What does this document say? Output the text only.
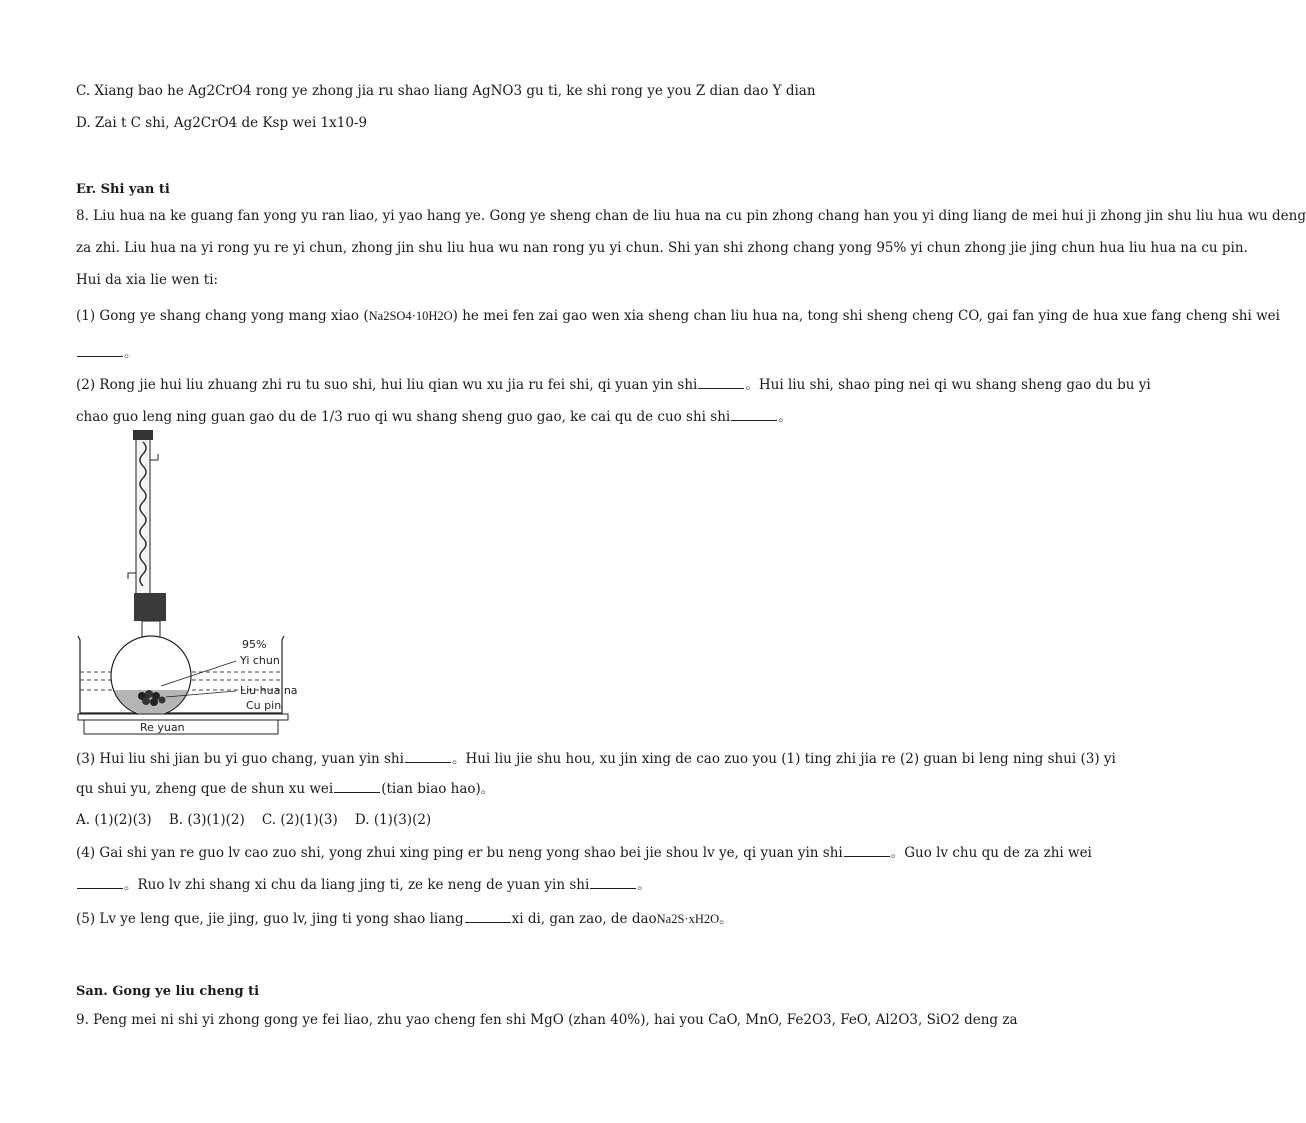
C. Xiang bao he Ag2CrO4 rong ye zhong jia ru shao liang AgNO3 gu ti, ke shi rong ye you Z dian dao Y dian
D. Zai t C shi, Ag2CrO4 de Ksp wei 1x10-9
Er. Shi yan ti
8. Liu hua na ke guang fan yong yu ran liao, yi yao hang ye. Gong ye sheng chan de liu hua na cu pin zhong chang han you yi ding liang de mei hui ji zhong jin shu liu hua wu deng
za zhi. Liu hua na yi rong yu re yi chun, zhong jin shu liu hua wu nan rong yu yi chun. Shi yan shi zhong chang yong 95% yi chun zhong jie jing chun hua liu hua na cu pin.
Hui da xia lie wen ti:
(1) Gong ye shang chang yong mang xiao (Na2SO4·10H2O) he mei fen zai gao wen xia sheng chan liu hua na, tong shi sheng cheng CO, gai fan ying de hua xue fang cheng shi wei
。
(2) Rong jie hui liu zhuang zhi ru tu suo shi, hui liu qian wu xu jia ru fei shi, qi yuan yin shi	。Hui liu shi, shao ping nei qi wu shang sheng gao du bu yi
chao guo leng ning guan gao du de 1/3 ruo qi wu shang sheng guo gao, ke cai qu de cuo shi shi	。
95%
Yi chun
Liu hua na
Cu pin
Re yuan
(3) Hui liu shi jian bu yi guo chang, yuan yin shi	。Hui liu jie shu hou, xu jin xing de cao zuo you (1) ting zhi jia re (2) guan bi leng ning shui (3) yi
qu shui yu, zheng que de shun xu wei	(tian biao hao)。
A. (1)(2)(3) B. (3)(1)(2) C. (2)(1)(3) D. (1)(3)(2)
(4) Gai shi yan re guo lv cao zuo shi, yong zhui xing ping er bu neng yong shao bei jie shou lv ye, qi yuan yin shi	。Guo lv chu qu de za zhi wei
。Ruo lv zhi shang xi chu da liang jing ti, ze ke neng de yuan yin shi	。
(5) Lv ye leng que, jie jing, guo lv, jing ti yong shao liang	xi di, gan zao, de daoNa2S·xH2O。
San. Gong ye liu cheng ti
9. Peng mei ni shi yi zhong gong ye fei liao, zhu yao cheng fen shi MgO (zhan 40%), hai you CaO, MnO, Fe2O3, FeO, Al2O3, SiO2 deng za
